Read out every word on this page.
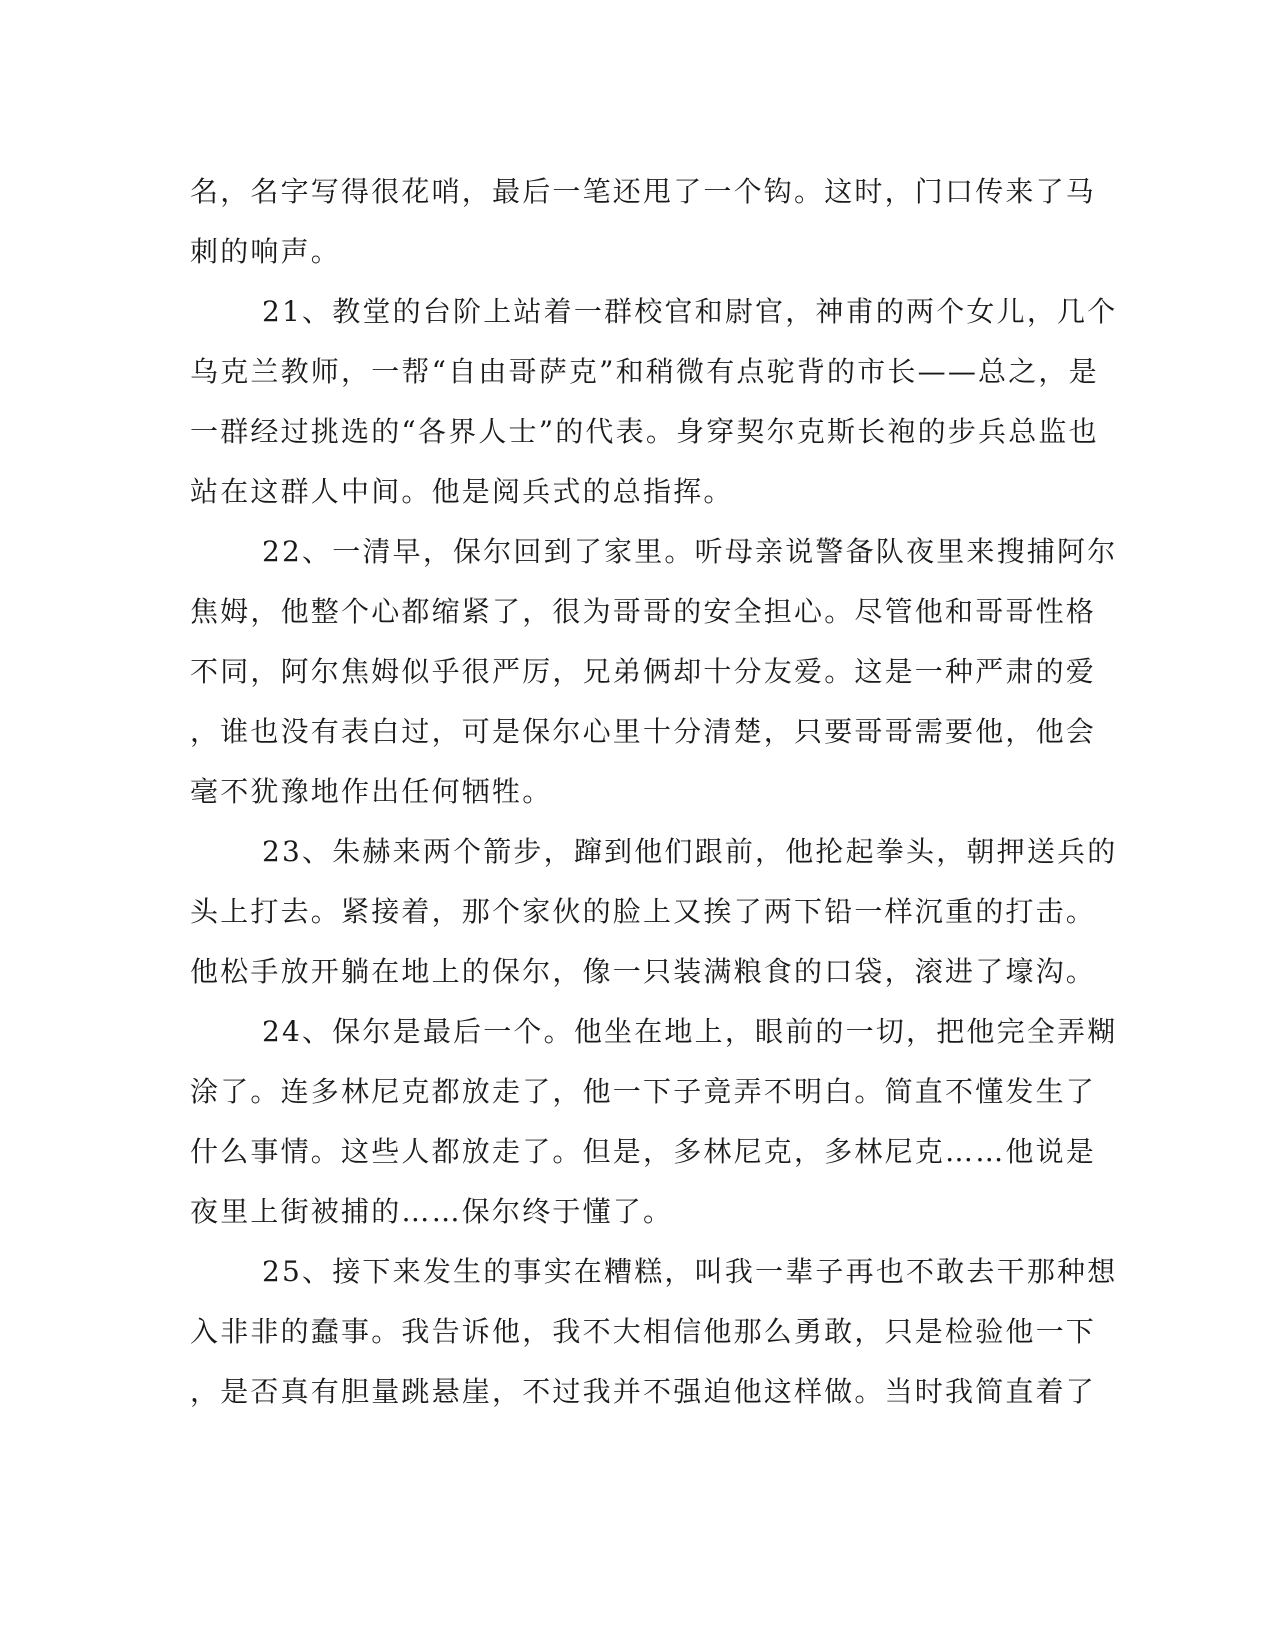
名，名字写得很花哨，最后一笔还甩了一个钩。这时，门口传来了马
刺的响声。
21、教堂的台阶上站着一群校官和尉官，神甫的两个女儿，几个
乌克兰教师，一帮“自由哥萨克”和稍微有点驼背的市长——总之，是
一群经过挑选的“各界人士”的代表。身穿契尔克斯长袍的步兵总监也
站在这群人中间。他是阅兵式的总指挥。
22、一清早，保尔回到了家里。听母亲说警备队夜里来搜捕阿尔
焦姆，他整个心都缩紧了，很为哥哥的安全担心。尽管他和哥哥性格
不同，阿尔焦姆似乎很严厉，兄弟俩却十分友爱。这是一种严肃的爱
，谁也没有表白过，可是保尔心里十分清楚，只要哥哥需要他，他会
毫不犹豫地作出任何牺牲。
23、朱赫来两个箭步，蹿到他们跟前，他抡起拳头，朝押送兵的
头上打去。紧接着，那个家伙的脸上又挨了两下铅一样沉重的打击。
他松手放开躺在地上的保尔，像一只装满粮食的口袋，滚进了壕沟。
24、保尔是最后一个。他坐在地上，眼前的一切，把他完全弄糊
涂了。连多林尼克都放走了，他一下子竟弄不明白。简直不懂发生了
什么事情。这些人都放走了。但是，多林尼克，多林尼克……他说是
夜里上街被捕的……保尔终于懂了。
25、接下来发生的事实在糟糕，叫我一辈子再也不敢去干那种想
入非非的蠢事。我告诉他，我不大相信他那么勇敢，只是检验他一下
，是否真有胆量跳悬崖，不过我并不强迫他这样做。当时我简直着了
